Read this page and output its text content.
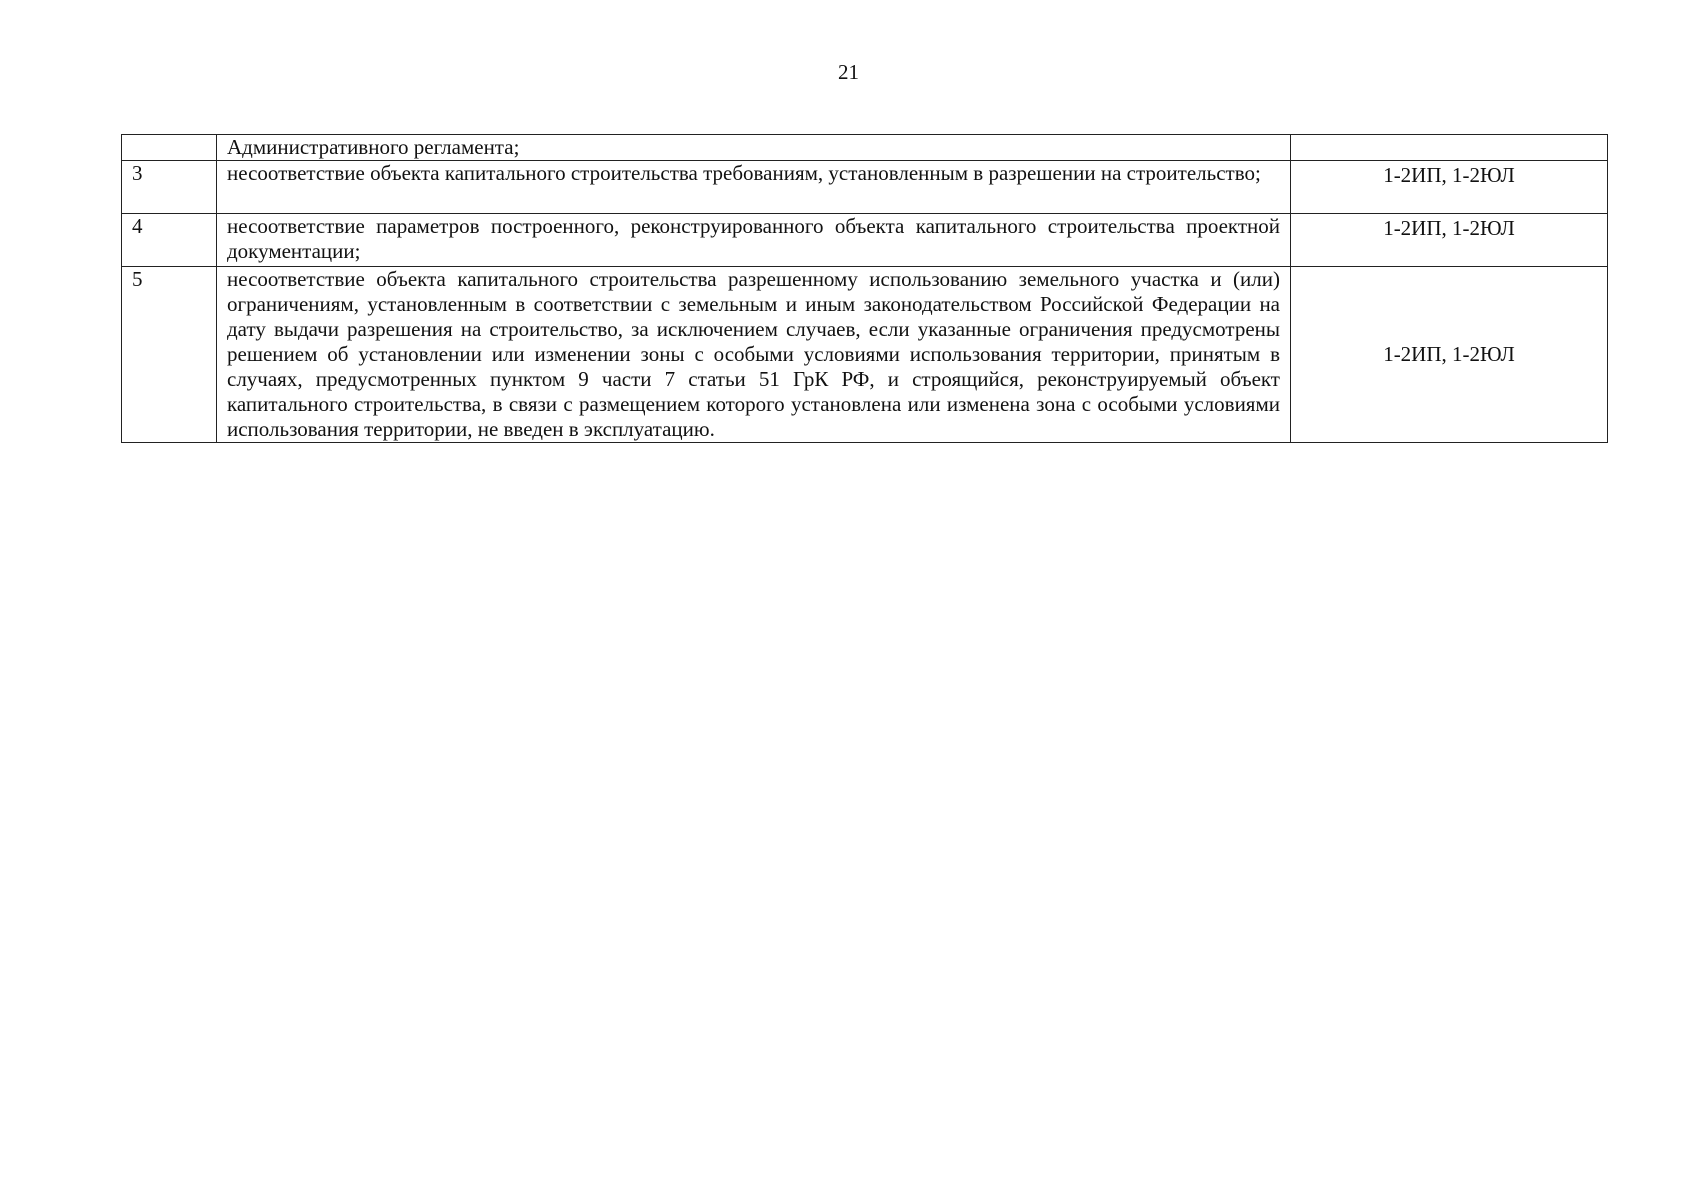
21
	Административного регламента;	
3	несоответствие объекта капитального строительства требованиям, установленным в разрешении на строительство;	1-2ИП, 1-2ЮЛ
4	несоответствие параметров построенного, реконструированного объекта капитального строительства проектной документации;	1-2ИП, 1-2ЮЛ
5	несоответствие объекта капитального строительства разрешенному использованию земельного участка и (или) ограничениям, установленным в соответствии с земельным и иным законодательством Российской Федерации на дату выдачи разрешения на строительство, за исключением случаев, если указанные ограничения предусмотрены решением об установлении или изменении зоны с особыми условиями использования территории, принятым в случаях, предусмотренных пунктом 9 части 7 статьи 51 ГрК РФ, и строящийся, реконструируемый объект капитального строительства, в связи с размещением которого установлена или изменена зона с особыми условиями использования территории, не введен в эксплуатацию.	1-2ИП, 1-2ЮЛ
